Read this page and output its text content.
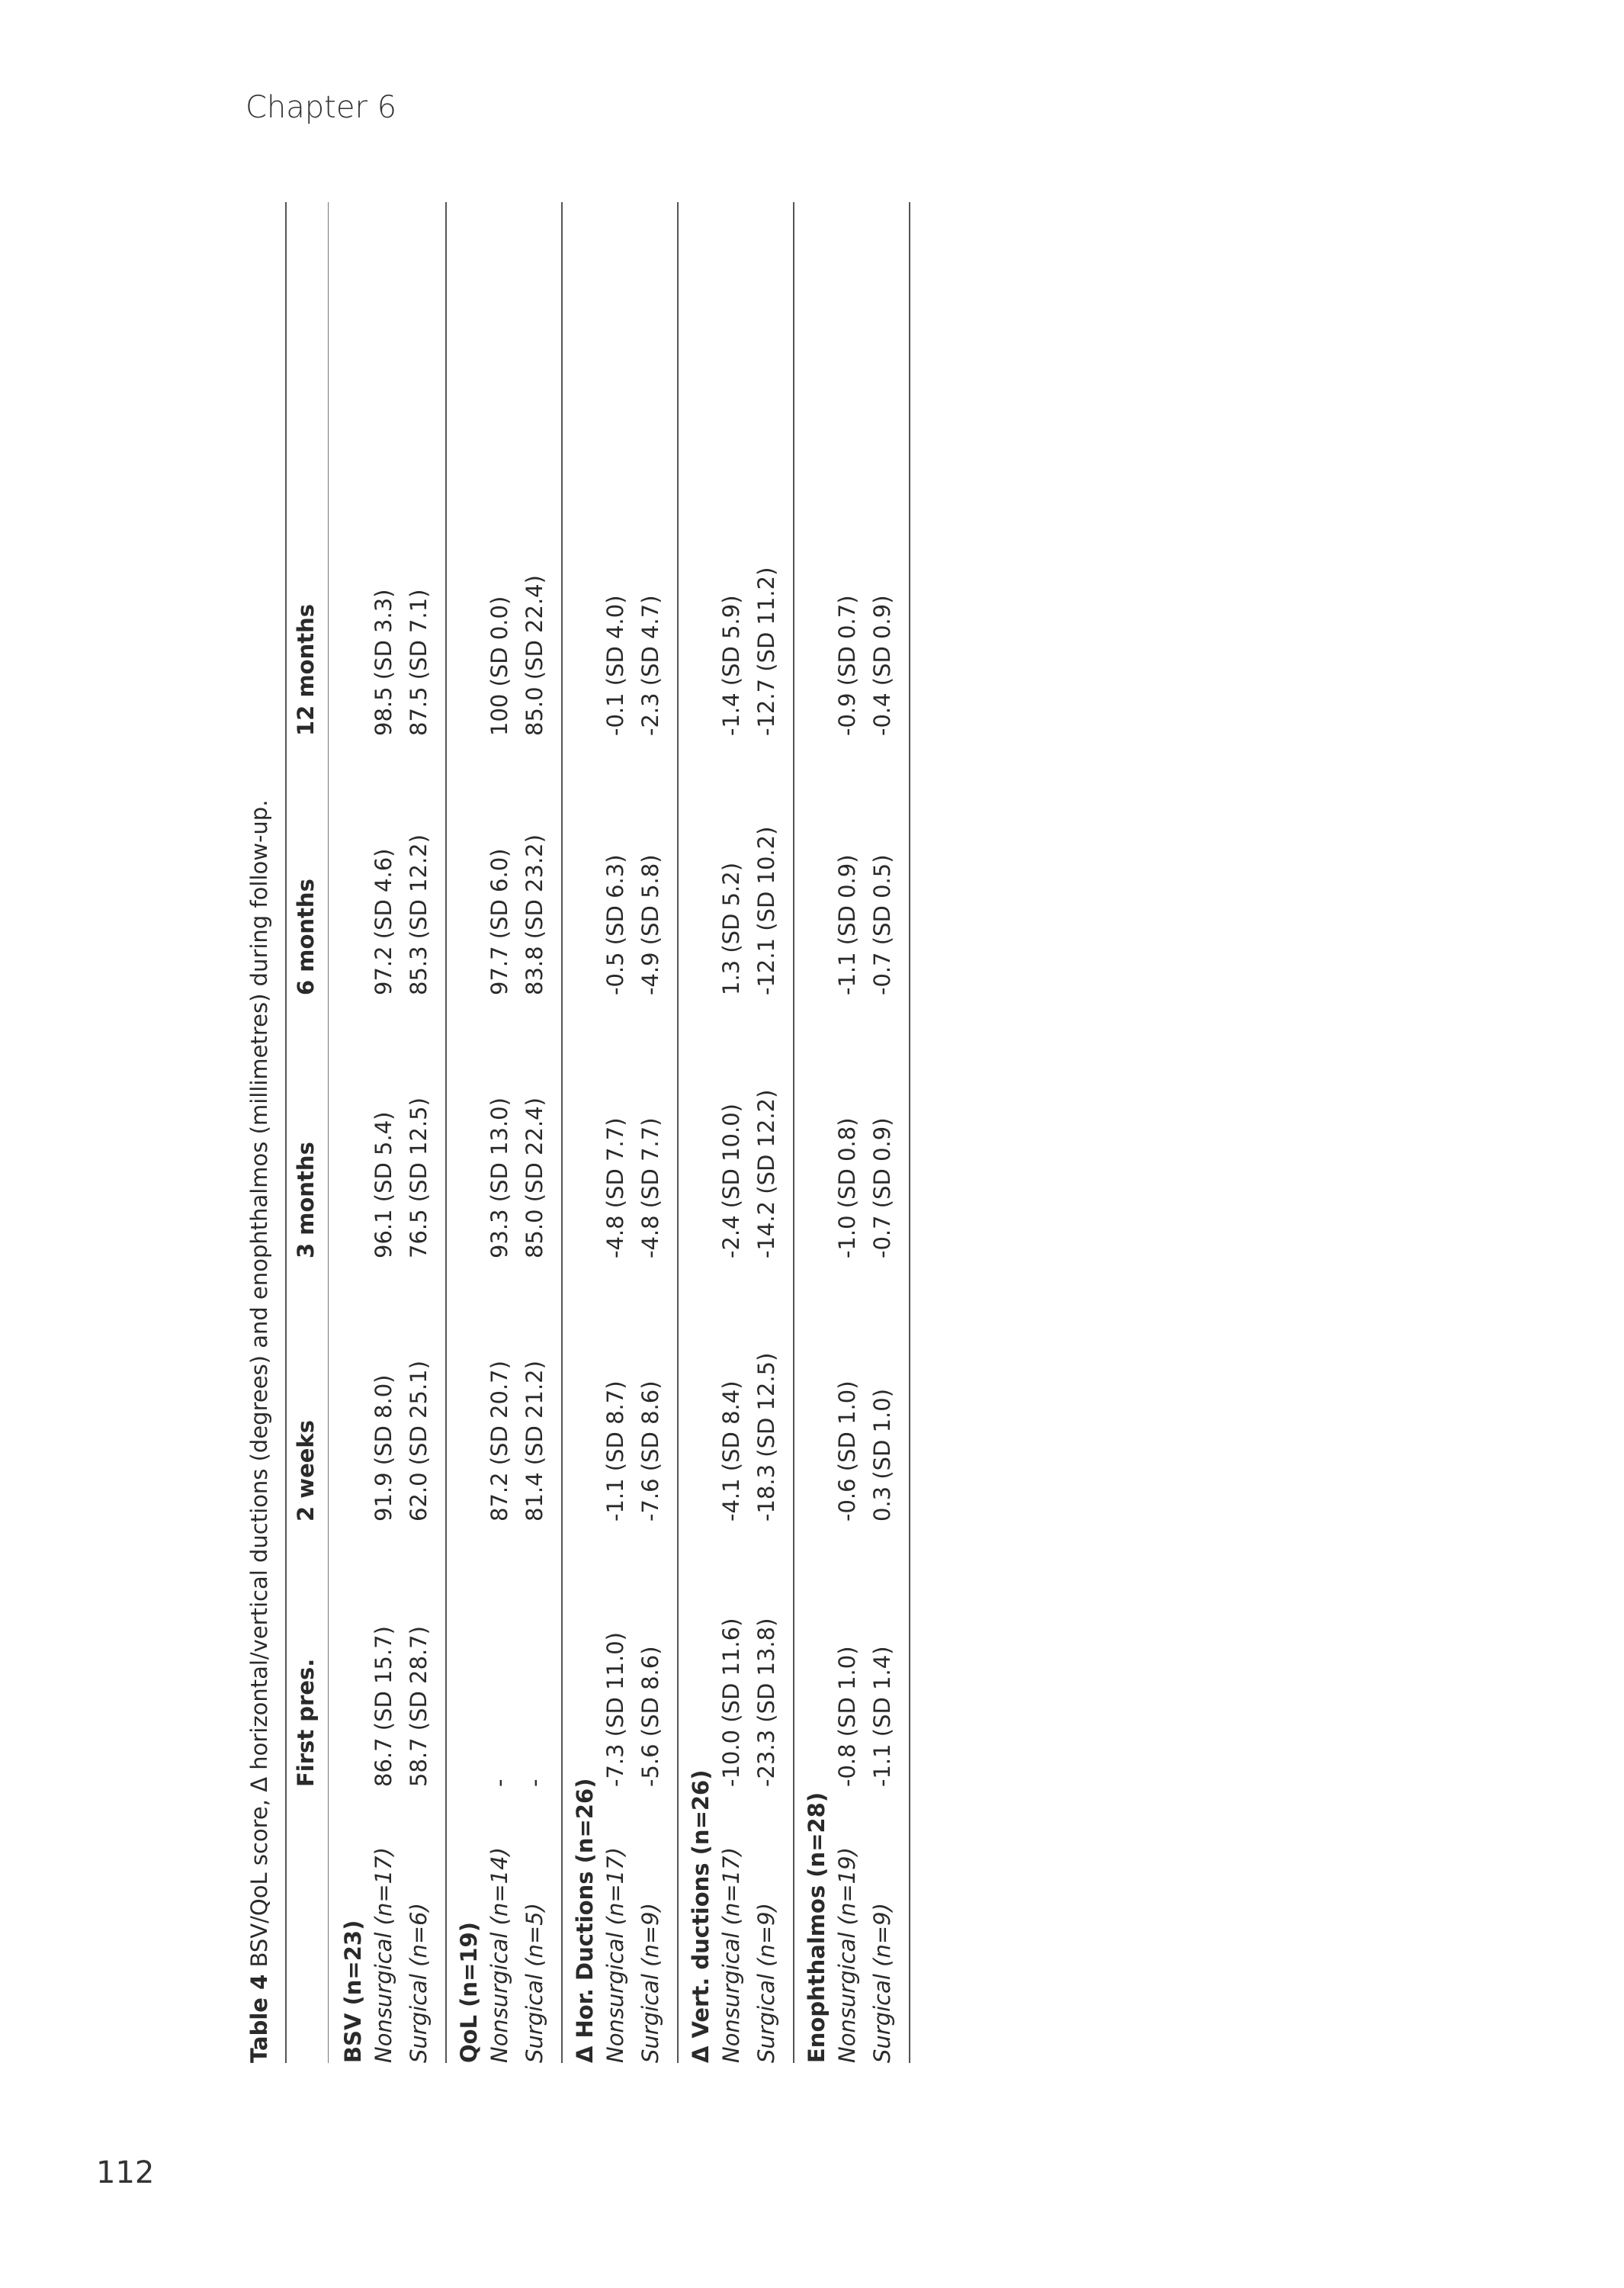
Chapter 6
112
Table 4 BSV/QoL score, Δ horizontal/vertical ductions (degrees) and enophthalmos (millimetres) during follow-up. First pres.
2 weeks
3 months
6 months
12 months
BSV (n=23) Nonsurgical (n=17)
86.7 (SD 15.7)
91.9 (SD 8.0)
96.1 (SD 5.4)
97.2 (SD 4.6)
98.5 (SD 3.3)
Surgical (n=6)
58.7 (SD 28.7)
62.0 (SD 25.1)
76.5 (SD 12.5)
85.3 (SD 12.2)
87.5 (SD 7.1)
QoL (n=19) Nonsurgical (n=14)
-
87.2 (SD 20.7)
93.3 (SD 13.0)
97.7 (SD 6.0)
100 (SD 0.0)
Surgical (n=5)
-
81.4 (SD 21.2)
85.0 (SD 22.4)
83.8 (SD 23.2)
85.0 (SD 22.4)
Δ Hor. Ductions (n=26) Nonsurgical (n=17)
-7.3 (SD 11.0)
-1.1 (SD 8.7)
-4.8 (SD 7.7)
-0.5 (SD 6.3)
-0.1 (SD 4.0)
Surgical (n=9)
-5.6 (SD 8.6)
-7.6 (SD 8.6)
-4.8 (SD 7.7)
-4.9 (SD 5.8)
-2.3 (SD 4.7)
Δ Vert. ductions (n=26) Nonsurgical (n=17)
-10.0 (SD 11.6)
-4.1 (SD 8.4)
-2.4 (SD 10.0)
1.3 (SD 5.2)
-1.4 (SD 5.9)
Surgical (n=9)
-23.3 (SD 13.8)
-18.3 (SD 12.5)
-14.2 (SD 12.2)
-12.1 (SD 10.2)
-12.7 (SD 11.2)
Enophthalmos (n=28) Nonsurgical (n=19)
-0.8 (SD 1.0)
-0.6 (SD 1.0)
-1.0 (SD 0.8)
-1.1 (SD 0.9)
-0.9 (SD 0.7)
Surgical (n=9)
-1.1 (SD 1.4)
0.3 (SD 1.0)
-0.7 (SD 0.9)
-0.7 (SD 0.5)
-0.4 (SD 0.9)
